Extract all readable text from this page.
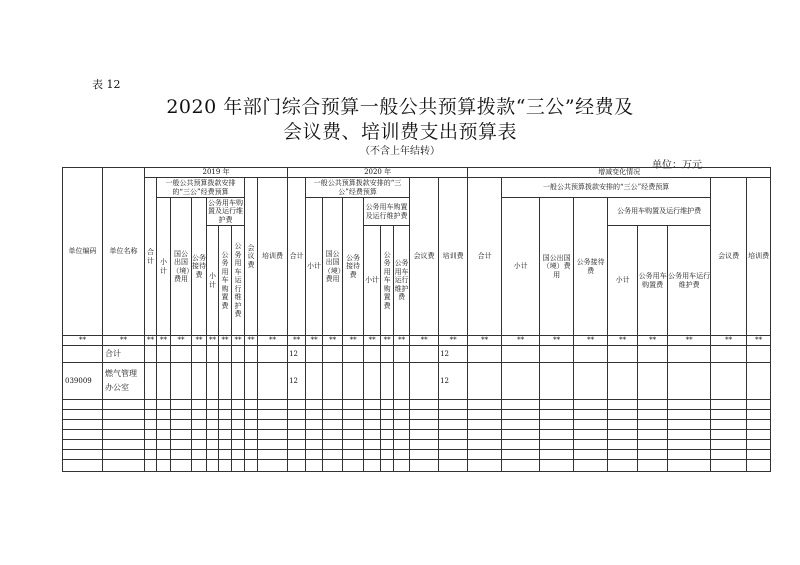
表 12
2020 年部门综合预算一般公共预算拨款“三公”经费及
会议费、培训费支出预算表
（不含上年结转）
单位：万元
单位编码	单位名称	2019 年									2020 年									增减变化情况								
		合计	一般公共预算拨款安排的“三公”经费预算						会议费	培训费	合计	一般公共预算拨款安排的“三公”经费预算						会议费	培训费	合计	一般公共预算拨款安排的“三公”经费预算						会议费	培训费
			小计	国公出国（境）费用	公务接待费	公务用车购置及运行维护费						小计	国公出国（境）费用	公务接待费	公务用车购置及运行维护费						小计	国公出国（境）费用	公务接待费	公务用车购置及运行维护费				
						小计	公务用车购置费	公务用车运行维护费							小计	公务用车购置费	公务用车运行维护费							小计	公务用车购置费	公务用车运行维护费		
**	**	**	**	**	**	**	**	**	**	**	**	**	**	**	**	**	**	**	**	**	**	**	**	**	**	**	**	**
	合计										12								12									
039009	燃气管理办公室										12								12									
